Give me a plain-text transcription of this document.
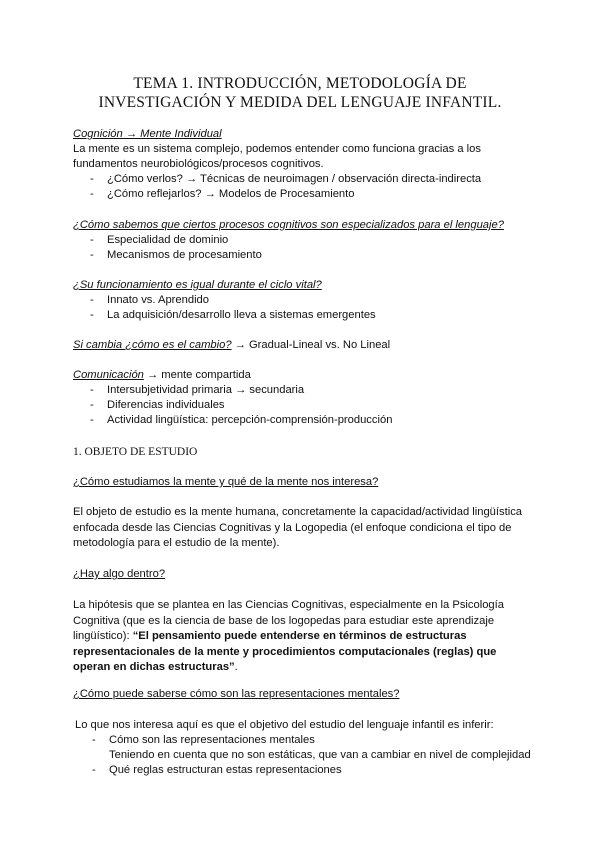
TEMA 1. INTRODUCCIÓN, METODOLOGÍA DE
INVESTIGACIÓN Y MEDIDA DEL LENGUAJE INFANTIL.

Cognición → Mente Individual

La mente es un sistema complejo, podemos entender como funciona gracias a los fundamentos neurobiológicos/procesos cognitivos.

- ¿Cómo verlos? → Técnicas de neuroimagen / observación directa-indirecta
- ¿Cómo reflejarlos? → Modelos de Procesamiento

¿Cómo sabemos que ciertos procesos cognitivos son especializados para el lenguaje?

- Especialidad de dominio
- Mecanismos de procesamiento

¿Su funcionamiento es igual durante el ciclo vital?

- Innato vs. Aprendido
- La adquisición/desarrollo lleva a sistemas emergentes

Si cambia ¿cómo es el cambio? → Gradual-Lineal vs. No Lineal

Comunicación → mente compartida

- Intersubjetividad primaria → secundaria
- Diferencias individuales
- Actividad lingüística: percepción-comprensión-producción

1. OBJETO DE ESTUDIO

¿Cómo estudiamos la mente y qué de la mente nos interesa?

El objeto de estudio es la mente humana, concretamente la capacidad/actividad lingüística enfocada desde las Ciencias Cognitivas y la Logopedia (el enfoque condiciona el tipo de metodología para el estudio de la mente).

¿Hay algo dentro?

La hipótesis que se plantea en las Ciencias Cognitivas, especialmente en la Psicología Cognitiva (que es la ciencia de base de los logopedas para estudiar este aprendizaje lingüístico): “El pensamiento puede entenderse en términos de estructuras representacionales de la mente y procedimientos computacionales (reglas) que operan en dichas estructuras”.

¿Cómo puede saberse cómo son las representaciones mentales?

Lo que nos interesa aquí es que el objetivo del estudio del lenguaje infantil es inferir:

- Cómo son las representaciones mentales
Teniendo en cuenta que no son estáticas, que van a cambiar en nivel de complejidad
- Qué reglas estructuran estas representaciones
